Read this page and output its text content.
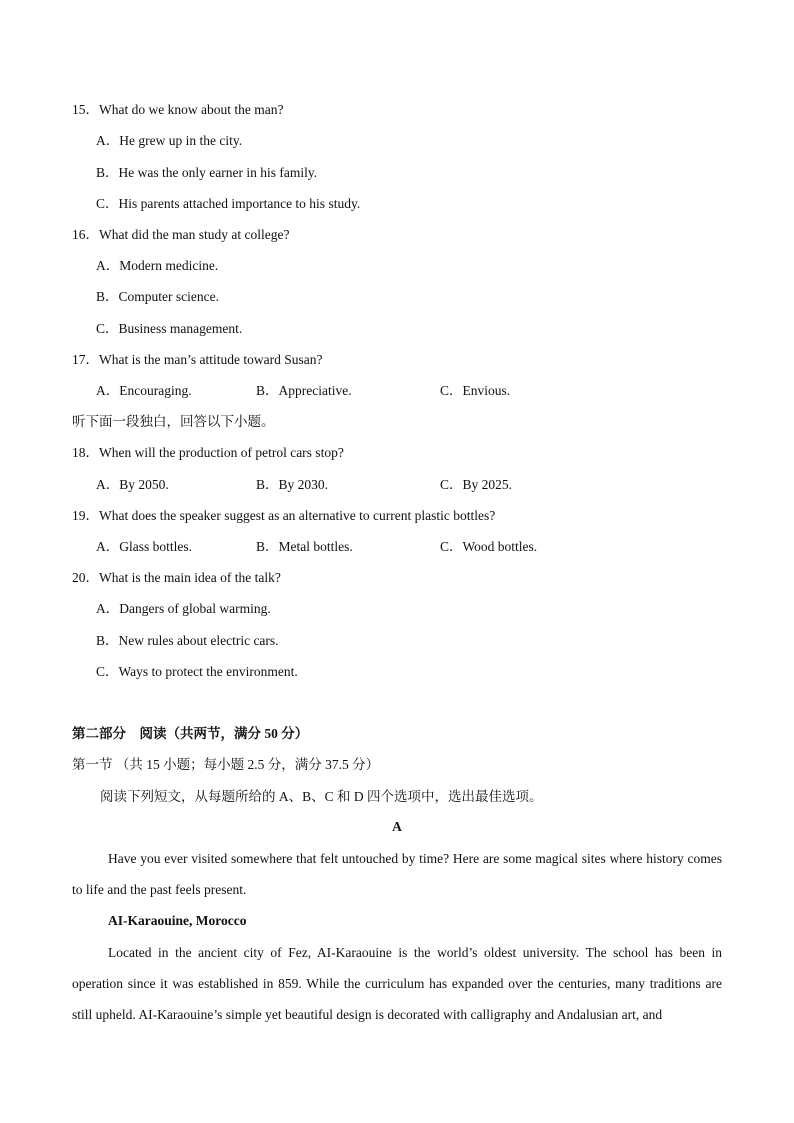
15．What do we know about the man?
A．He grew up in the city.
B．He was the only earner in his family.
C．His parents attached importance to his study.
16．What did the man study at college?
A．Modern medicine.
B．Computer science.
C．Business management.
17．What is the man’s attitude toward Susan?
A．Encouraging.	B．Appreciative.	C．Envious.
听下面一段独白，回答以下小题。
18．When will the production of petrol cars stop?
A．By 2050.	B．By 2030.	C．By 2025.
19．What does the speaker suggest as an alternative to current plastic bottles?
A．Glass bottles.	B．Metal bottles.	C．Wood bottles.
20．What is the main idea of the talk?
A．Dangers of global warming.
B．New rules about electric cars.
C．Ways to protect the environment.
第二部分　阅读（共两节，满分 50 分）
第一节 （共 15 小题；每小题 2.5 分，满分 37.5 分）
阅读下列短文，从每题所给的 A、B、C 和 D 四个选项中，选出最佳选项。
A
Have you ever visited somewhere that felt untouched by time? Here are some magical sites where history comes to life and the past feels present.
AI-Karaouine, Morocco
Located in the ancient city of Fez, AI-Karaouine is the world’s oldest university. The school has been in operation since it was established in 859. While the curriculum has expanded over the centuries, many traditions are still upheld. AI-Karaouine’s simple yet beautiful design is decorated with calligraphy and Andalusian art, and
